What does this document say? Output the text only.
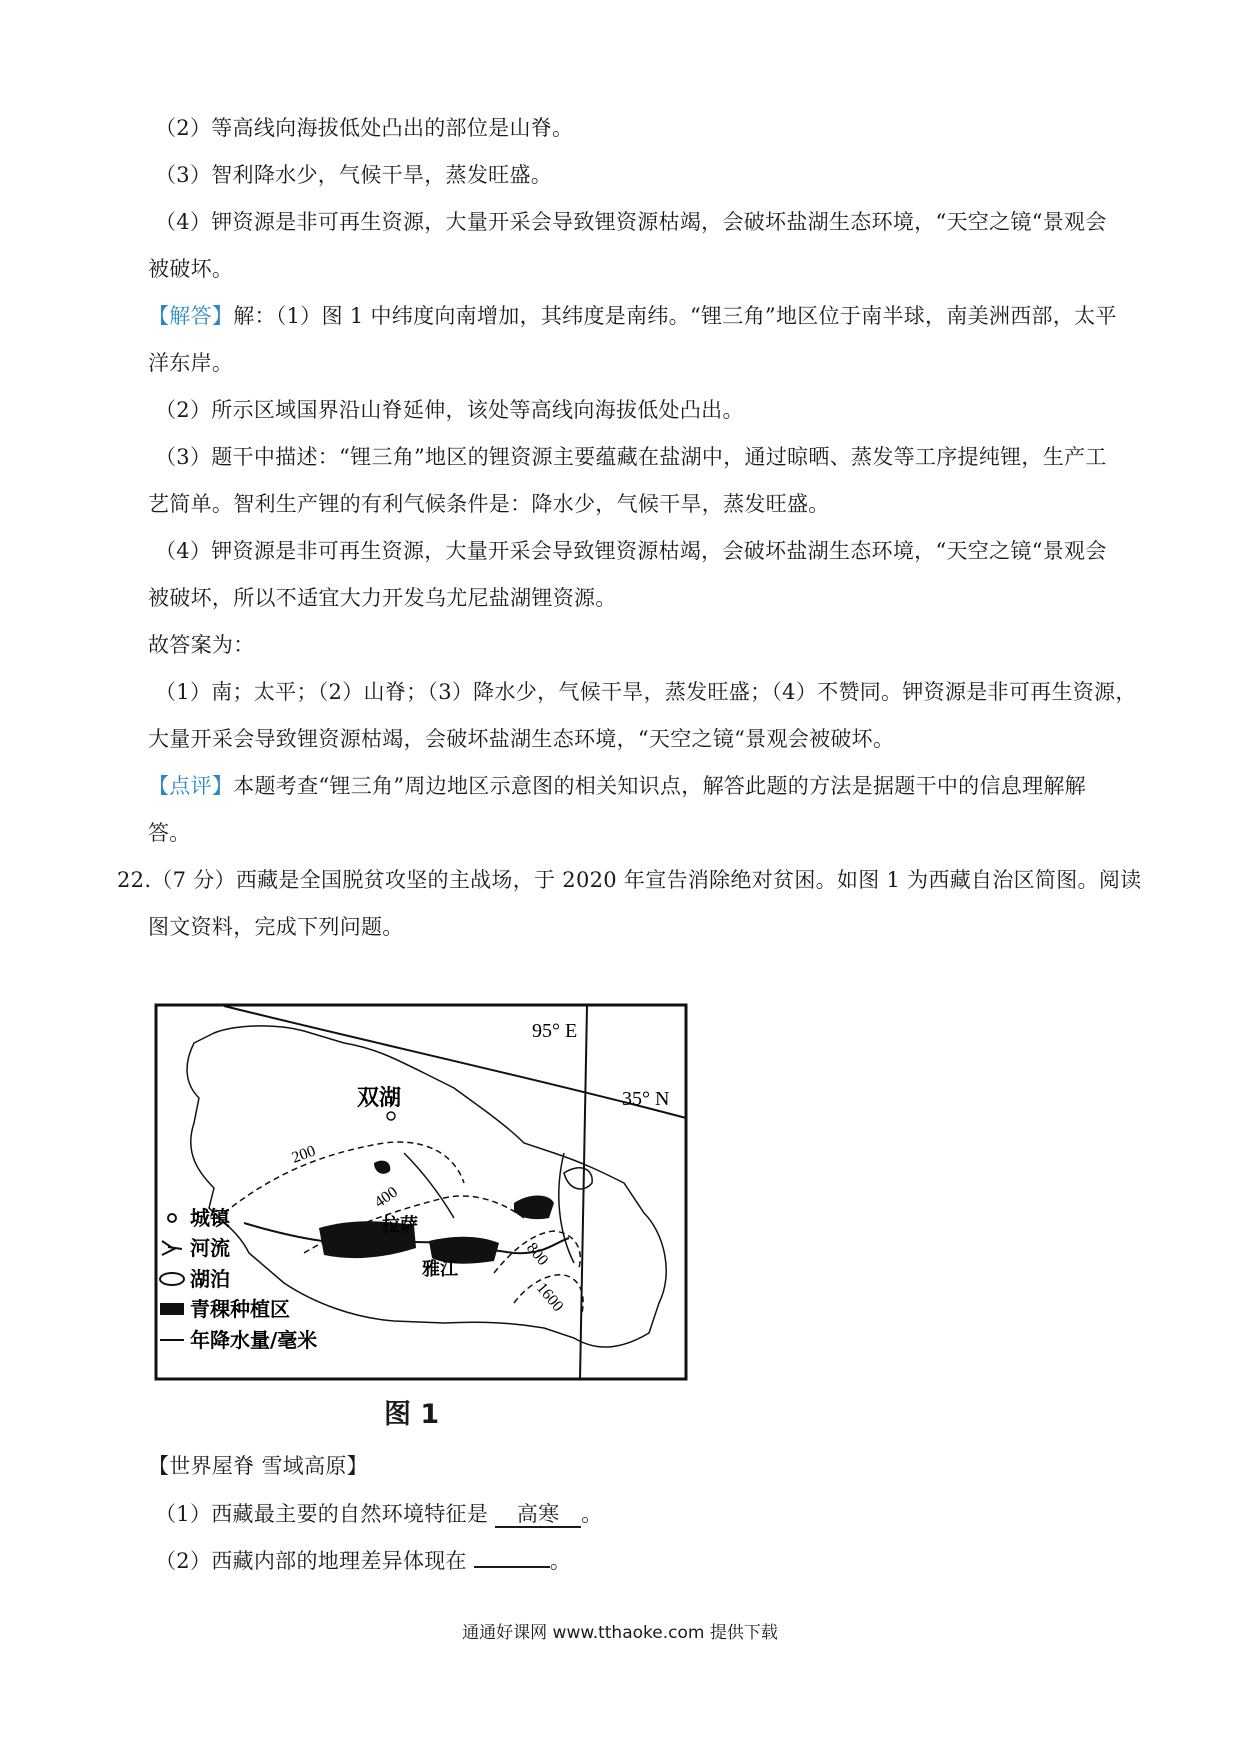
（2）等高线向海拔低处凸出的部位是山脊。
（3）智利降水少，气候干旱，蒸发旺盛。
（4）钾资源是非可再生资源，大量开采会导致锂资源枯竭，会破坏盐湖生态环境，“天空之镜“景观会
被破坏。
【解答】解：（1）图 1 中纬度向南增加，其纬度是南纬。“锂三角”地区位于南半球，南美洲西部，太平
洋东岸。
（2）所示区域国界沿山脊延伸，该处等高线向海拔低处凸出。
（3）题干中描述：“锂三角”地区的锂资源主要蕴藏在盐湖中，通过晾晒、蒸发等工序提纯锂，生产工
艺简单。智利生产锂的有利气候条件是：降水少，气候干旱，蒸发旺盛。
（4）钾资源是非可再生资源，大量开采会导致锂资源枯竭，会破坏盐湖生态环境，“天空之镜“景观会
被破坏，所以不适宜大力开发乌尤尼盐湖锂资源。
故答案为：
（1）南；太平；（2）山脊；（3）降水少，气候干旱，蒸发旺盛；（4）不赞同。钾资源是非可再生资源，
大量开采会导致锂资源枯竭，会破坏盐湖生态环境，“天空之镜“景观会被破坏。
【点评】本题考查“锂三角”周边地区示意图的相关知识点，解答此题的方法是据题干中的信息理解解
答。
22.（7 分）西藏是全国脱贫攻坚的主战场，于 2020 年宣告消除绝对贫困。如图 1 为西藏自治区简图。阅读
图文资料，完成下列问题。
95° E
35° N
200
400
800
1600
双湖
拉萨
雅江
城镇
河流
湖泊
青稞种植区
年降水量/毫米
图 1
【世界屋脊 雪域高原】
（1）西藏最主要的自然环境特征是 高寒 。
（2）西藏内部的地理差异体现在	。
通通好课网 www.tthaoke.com 提供下载
